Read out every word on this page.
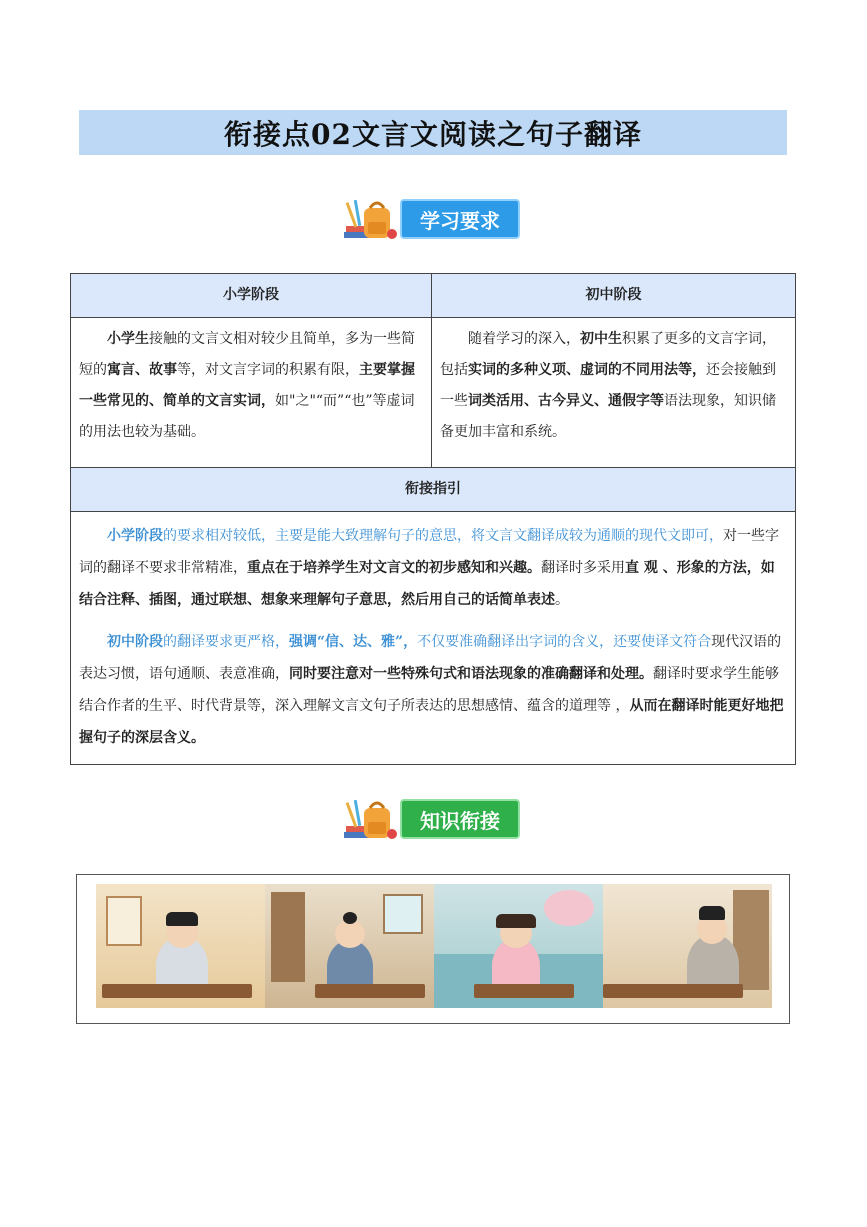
衔接点02文言文阅读之句子翻译
学习要求
小学阶段	初中阶段
小学生接触的文言文相对较少且简单，多为一些简短的寓言、故事等，对文言字词的积累有限，主要掌握一些常见的、简单的文言实词，如"之"“而”“也”等虚词的用法也较为基础。	随着学习的深入，初中生积累了更多的文言字词，包括实词的多种义项、虚词的不同用法等，还会接触到一些词类活用、古今异义、通假字等语法现象，知识储备更加丰富和系统。
衔接指引	

小学阶段的要求相对较低，主要是能大致理解句子的意思，将文言文翻译成较为通顺的现代文即可，对一些字词的翻译不要求非常精准，重点在于培养学生对文言文的初步感知和兴趣。翻译时多采用直 观 、形象的方法，如结合注释、插图，通过联想、想象来理解句子意思，然后用自己的话简单表述。

初中阶段的翻译要求更严格，强调“信、达、雅”，不仅要准确翻译出字词的含义，还要使译文符合现代汉语的表达习惯，语句通顺、表意准确，同时要注意对一些特殊句式和语法现象的准确翻译和处理。翻译时要求学生能够结合作者的生平、时代背景等，深入理解文言文句子所表达的思想感情、蕴含的道理等 ，从而在翻译时能更好地把握句子的深层含义。	

知识衔接
